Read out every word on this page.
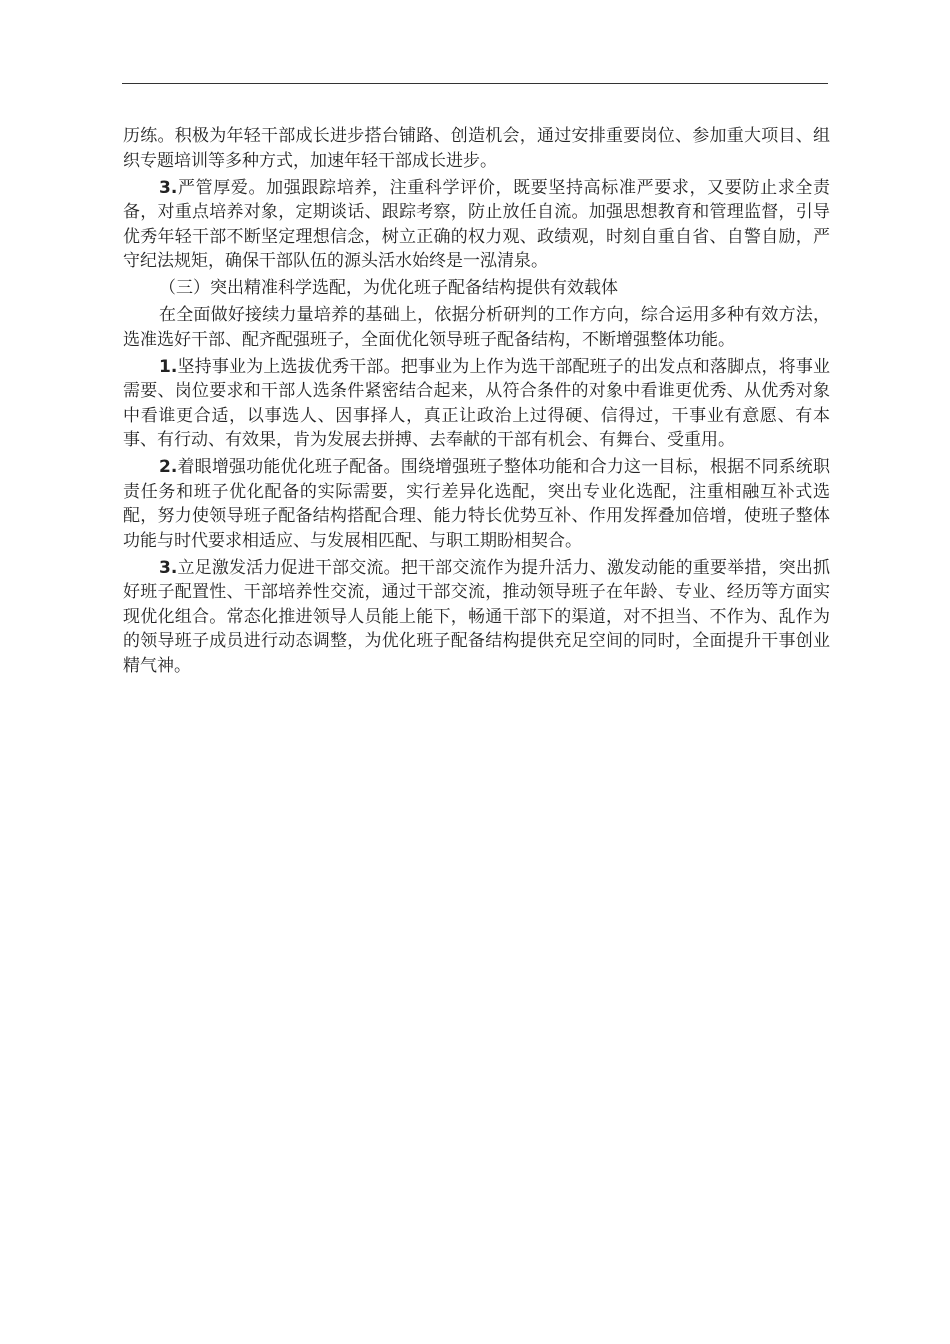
历练。积极为年轻干部成长进步搭台铺路、创造机会，通过安排重要岗位、参加重大项目、组织专题培训等多种方式，加速年轻干部成长进步。

3.严管厚爱。加强跟踪培养，注重科学评价，既要坚持高标准严要求，又要防止求全责备，对重点培养对象，定期谈话、跟踪考察，防止放任自流。加强思想教育和管理监督，引导优秀年轻干部不断坚定理想信念，树立正确的权力观、政绩观，时刻自重自省、自警自励，严守纪法规矩，确保干部队伍的源头活水始终是一泓清泉。

（三）突出精准科学选配，为优化班子配备结构提供有效载体

在全面做好接续力量培养的基础上，依据分析研判的工作方向，综合运用多种有效方法，选准选好干部、配齐配强班子，全面优化领导班子配备结构，不断增强整体功能。

1.坚持事业为上选拔优秀干部。把事业为上作为选干部配班子的出发点和落脚点，将事业需要、岗位要求和干部人选条件紧密结合起来，从符合条件的对象中看谁更优秀、从优秀对象中看谁更合适，以事选人、因事择人，真正让政治上过得硬、信得过，干事业有意愿、有本事、有行动、有效果，肯为发展去拼搏、去奉献的干部有机会、有舞台、受重用。

2.着眼增强功能优化班子配备。围绕增强班子整体功能和合力这一目标，根据不同系统职责任务和班子优化配备的实际需要，实行差异化选配，突出专业化选配，注重相融互补式选配，努力使领导班子配备结构搭配合理、能力特长优势互补、作用发挥叠加倍增，使班子整体功能与时代要求相适应、与发展相匹配、与职工期盼相契合。

3.立足激发活力促进干部交流。把干部交流作为提升活力、激发动能的重要举措，突出抓好班子配置性、干部培养性交流，通过干部交流，推动领导班子在年龄、专业、经历等方面实现优化组合。常态化推进领导人员能上能下，畅通干部下的渠道，对不担当、不作为、乱作为的领导班子成员进行动态调整，为优化班子配备结构提供充足空间的同时，全面提升干事创业精气神。
